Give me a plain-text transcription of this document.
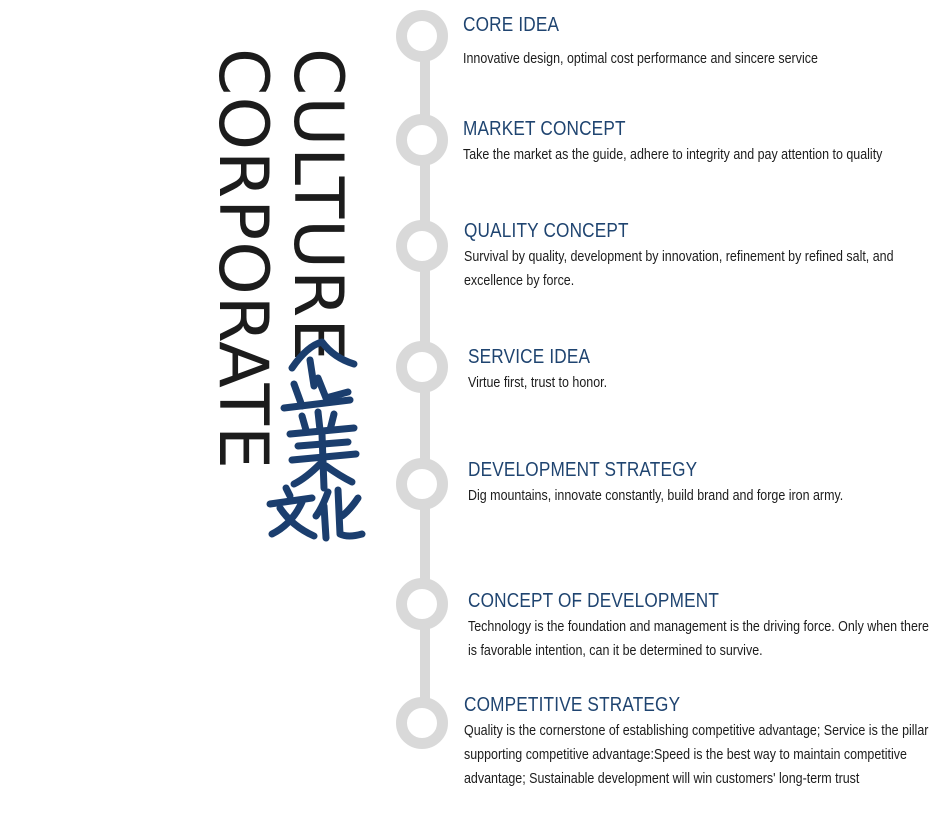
CORPORATE
CULTURE
CORE IDEA

Innovative design, optimal cost performance and sincere service

MARKET CONCEPT

Take the market as the guide, adhere to integrity and pay attention to quality

QUALITY CONCEPT

Survival by quality, development by innovation, refinement by refined salt, and excellence by force.

SERVICE IDEA

Virtue first, trust to honor.

DEVELOPMENT STRATEGY

Dig mountains, innovate constantly, build brand and forge iron army.

CONCEPT OF DEVELOPMENT

Technology is the foundation and management is the driving force. Only when there is favorable intention, can it be determined to survive.

COMPETITIVE STRATEGY

Quality is the cornerstone of establishing competitive advantage; Service is the pillar supporting competitive advantage:Speed is the best way to maintain competitive advantage; Sustainable development will win customers' long-term trust
